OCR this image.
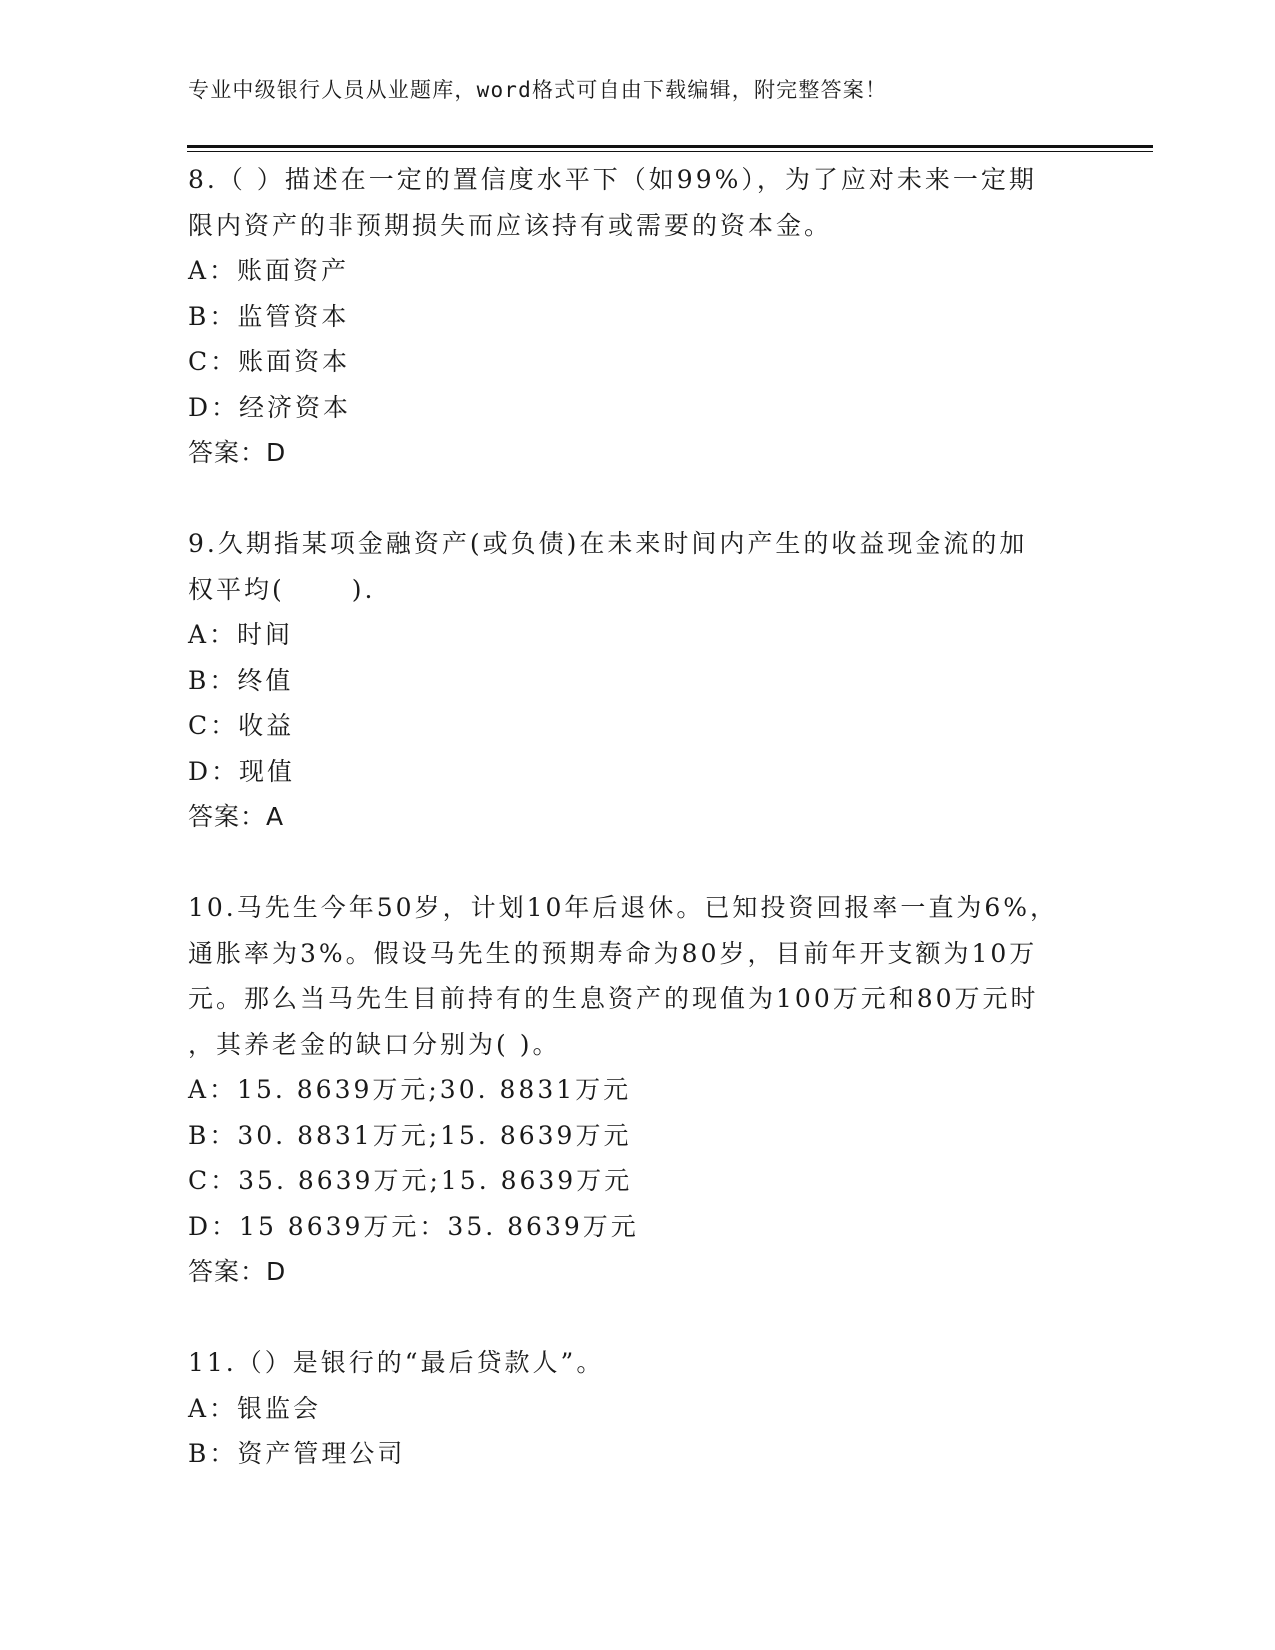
专业中级银行人员从业题库，word格式可自由下载编辑，附完整答案！
8.（ ）描述在一定的置信度水平下（如99%），为了应对未来一定期
限内资产的非预期损失而应该持有或需要的资本金。
A：账面资产
B：监管资本
C：账面资本
D：经济资本
答案：D
9.久期指某项金融资产(或负债)在未来时间内产生的收益现金流的加
权平均(　　 ).
A：时间
B：终值
C：收益
D：现值
答案：A
10.马先生今年50岁，计划10年后退休。已知投资回报率一直为6%，
通胀率为3%。假设马先生的预期寿命为80岁，目前年开支额为10万
元。那么当马先生目前持有的生息资产的现值为100万元和80万元时
，其养老金的缺口分别为( )。
A：15. 8639万元;30. 8831万元
B：30. 8831万元;15. 8639万元
C：35. 8639万元;15. 8639万元
D：15 8639万元：35. 8639万元
答案：D
11.（）是银行的“最后贷款人”。
A：银监会
B：资产管理公司
